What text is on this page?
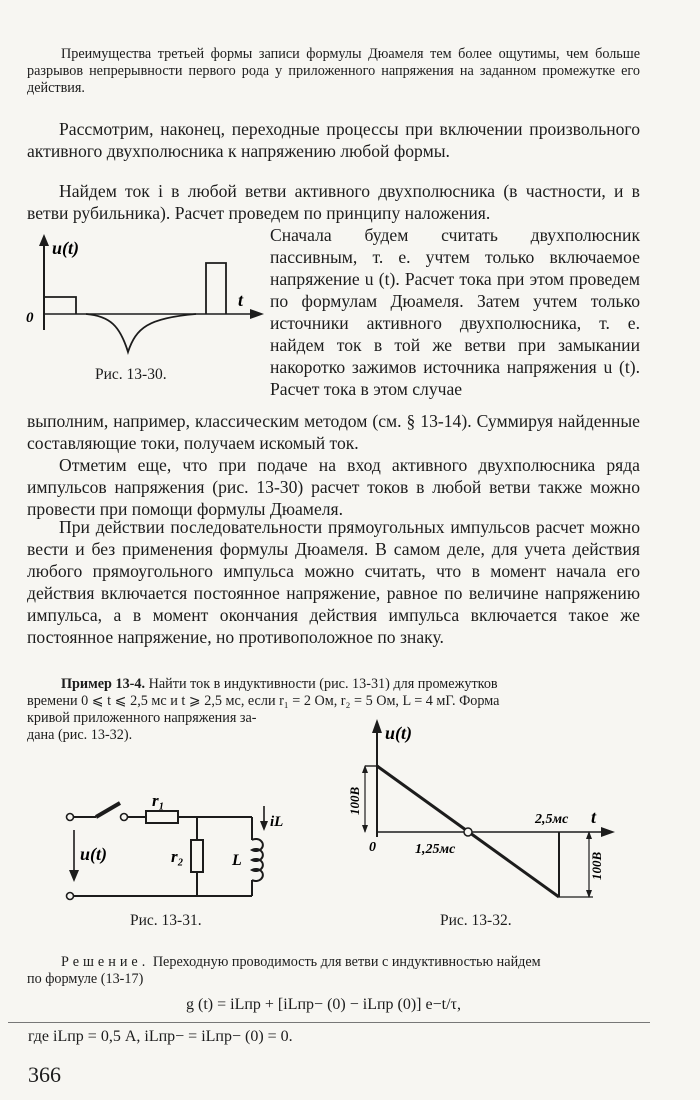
Преимущества третьей формы записи формулы Дюамеля тем более ощутимы, чем больше разрывов непрерывности первого рода у приложенного напряжения на заданном промежутке его действия.

Рассмотрим, наконец, переходные процессы при включении произвольного активного двухполюсника к напряжению любой формы.

Найдем ток i в любой ветви активного двухполюсника (в частности, и в ветви рубильника). Расчет проведем по принципу наложения.

Сначала будем считать двухполюсник пассивным, т. е. учтем только включаемое напряжение u (t). Расчет тока при этом проведем по формулам Дюамеля. Затем учтем только источники активного двухполюсника, т. е. найдем ток в той же ветви при замыкании накоротко зажимов источника напряжения u (t). Расчет тока в этом случае

u(t)
t
0
Рис. 13-30.

выполним, например, классическим методом (см. § 13-14). Суммируя найденные составляющие токи, получаем искомый ток.

Отметим еще, что при подаче на вход активного двухполюсника ряда импульсов напряжения (рис. 13-30) расчет токов в любой ветви также можно провести при помощи формулы Дюамеля.

При действии последовательности прямоугольных импульсов расчет можно вести и без применения формулы Дюамеля. В самом деле, для учета действия любого прямоугольного импульса можно считать, что в момент начала его действия включается постоянное напряжение, равное по величине напряжению импульса, а в момент окончания действия импульса включается такое же постоянное напряжение, но противоположное по знаку.

Пример 13-4. Найти ток в индуктивности (рис. 13-31) для промежутков
времени 0 ⩽ t ⩽ 2,5 мс и t ⩾ 2,5 мс, если r₁ = 2 Ом, r₂ = 5 Ом, L = 4 мГ. Форма
кривой приложенного напряжения за-
дана (рис. 13-32).
r₁
r₂	L
iL
u(t)
Рис. 13-31.
u(t)
t
0	1,25мс
2,5мс
100В
100В
Рис. 13-32.
Решение. Переходную проводимость для ветви с индуктивностью найдем
по формуле (13-17)
g (t) = iLпр + [iLпр− (0) − iLпр (0)] e−t/τ,
где iLпр = 0,5 А, iLпр− = iLпр− (0) = 0.
366
